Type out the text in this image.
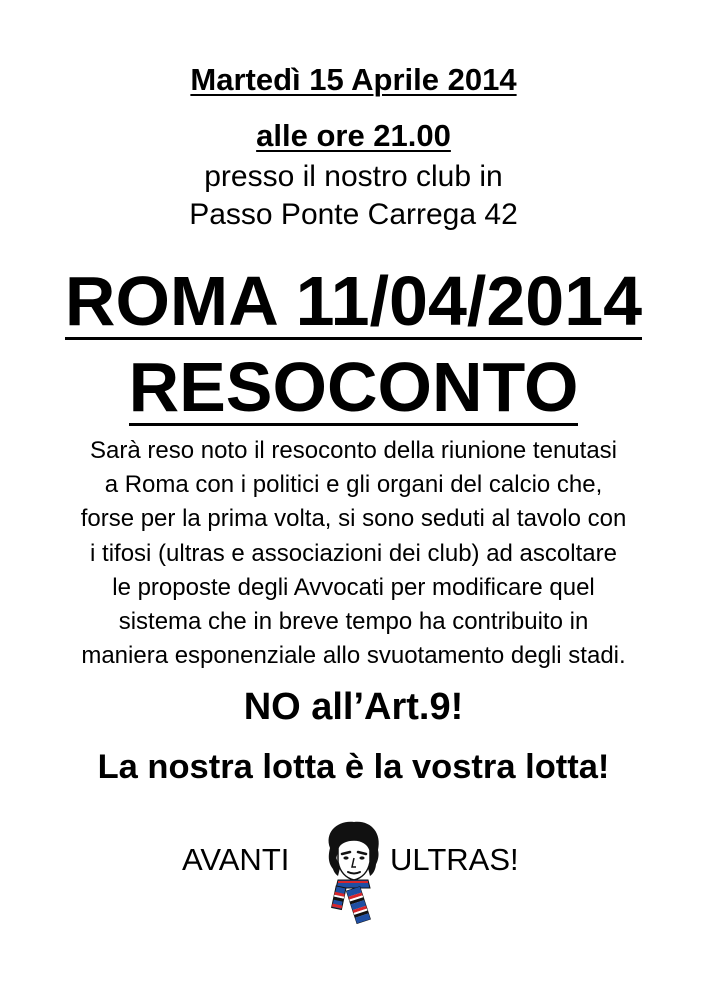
Martedì 15 Aprile 2014
alle ore 21.00
presso il nostro club in
Passo Ponte Carrega 42
ROMA 11/04/2014
RESOCONTO
Sarà reso noto il resoconto della riunione tenutasi
a Roma con i politici e gli organi del calcio che,
forse per la prima volta, si sono seduti al tavolo con
i tifosi (ultras e associazioni dei club) ad ascoltare
le proposte degli Avvocati per modificare quel
sistema che in breve tempo ha contribuito in
maniera esponenziale allo svuotamento degli stadi.
NO all’Art.9!
La nostra lotta è la vostra lotta!
AVANTI	ULTRAS!
